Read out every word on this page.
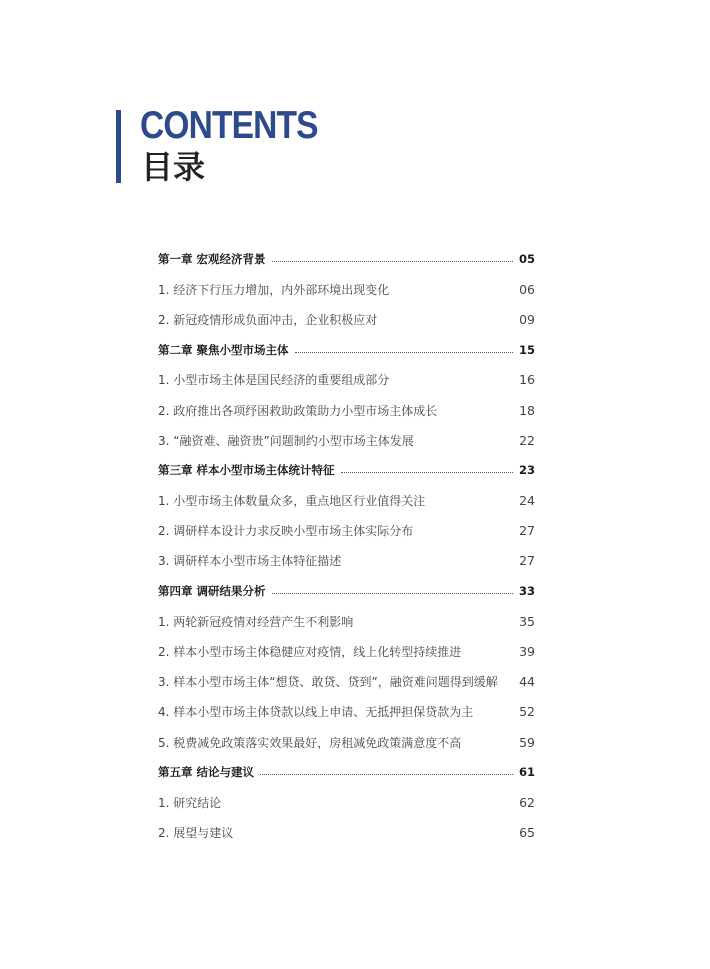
CONTENTS
目录
第一章 宏观经济背景	05
1. 经济下行压力增加，内外部环境出现变化	06
2. 新冠疫情形成负面冲击，企业积极应对	09
第二章 聚焦小型市场主体	15
1. 小型市场主体是国民经济的重要组成部分	16
2. 政府推出各项纾困救助政策助力小型市场主体成长	18
3. “融资难、融资贵”问题制约小型市场主体发展	22
第三章 样本小型市场主体统计特征	23
1. 小型市场主体数量众多，重点地区行业值得关注	24
2. 调研样本设计力求反映小型市场主体实际分布	27
3. 调研样本小型市场主体特征描述	27
第四章 调研结果分析	33
1. 两轮新冠疫情对经营产生不利影响	35
2. 样本小型市场主体稳健应对疫情，线上化转型持续推进	39
3. 样本小型市场主体“想贷、敢贷、贷到”，融资难问题得到缓解 44
4. 样本小型市场主体贷款以线上申请、无抵押担保贷款为主	52
5. 税费减免政策落实效果最好，房租减免政策满意度不高	59
第五章 结论与建议	61
1. 研究结论	62
2. 展望与建议	65
